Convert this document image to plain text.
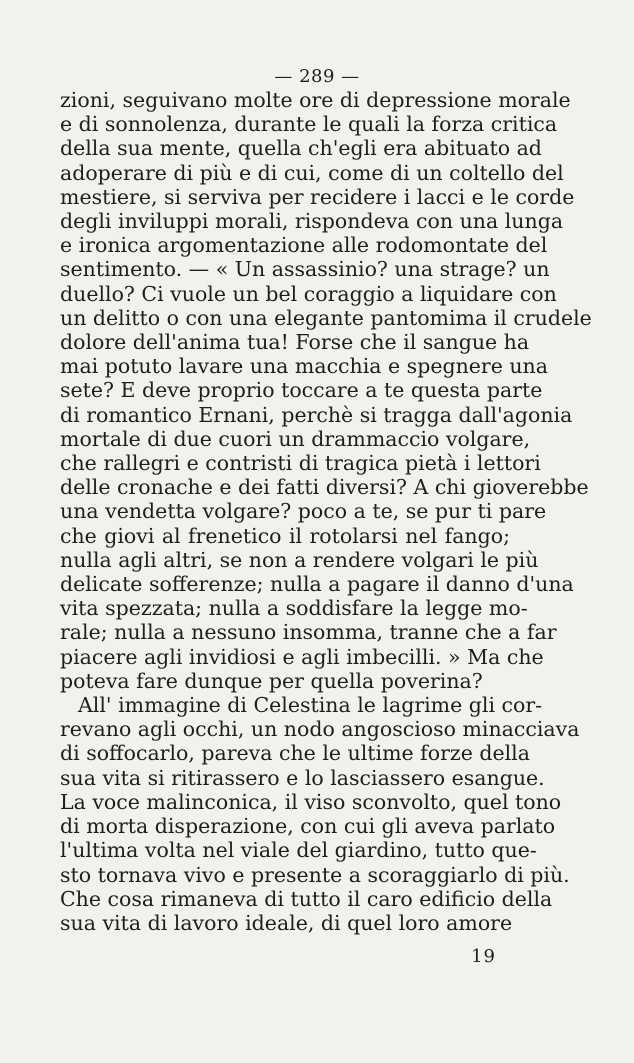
— 289 —
zioni, seguivano molte ore di depressione morale
e di sonnolenza, durante le quali la forza critica
della sua mente, quella ch'egli era abituato ad
adoperare di più e di cui, come di un coltello del
mestiere, si serviva per recidere i lacci e le corde
degli inviluppi morali, rispondeva con una lunga
e ironica argomentazione alle rodomontate del
sentimento. — « Un assassinio? una strage? un
duello? Ci vuole un bel coraggio a liquidare con
un delitto o con una elegante pantomima il crudele
dolore dell'anima tua! Forse che il sangue ha
mai potuto lavare una macchia e spegnere una
sete? E deve proprio toccare a te questa parte
di romantico Ernani, perchè si tragga dall'agonia
mortale di due cuori un drammaccio volgare,
che rallegri e contristi di tragica pietà i lettori
delle cronache e dei fatti diversi? A chi gioverebbe
una vendetta volgare? poco a te, se pur ti pare
che giovi al frenetico il rotolarsi nel fango;
nulla agli altri, se non a rendere volgari le più
delicate sofferenze; nulla a pagare il danno d'una
vita spezzata; nulla a soddisfare la legge mo-
rale; nulla a nessuno insomma, tranne che a far
piacere agli invidiosi e agli imbecilli. » Ma che
poteva fare dunque per quella poverina?
All' immagine di Celestina le lagrime gli cor-
revano agli occhi, un nodo angoscioso minacciava
di soffocarlo, pareva che le ultime forze della
sua vita si ritirassero e lo lasciassero esangue.
La voce malinconica, il viso sconvolto, quel tono
di morta disperazione, con cui gli aveva parlato
l'ultima volta nel viale del giardino, tutto que-
sto tornava vivo e presente a scoraggiarlo di più.
Che cosa rimaneva di tutto il caro edificio della
sua vita di lavoro ideale, di quel loro amore
19
